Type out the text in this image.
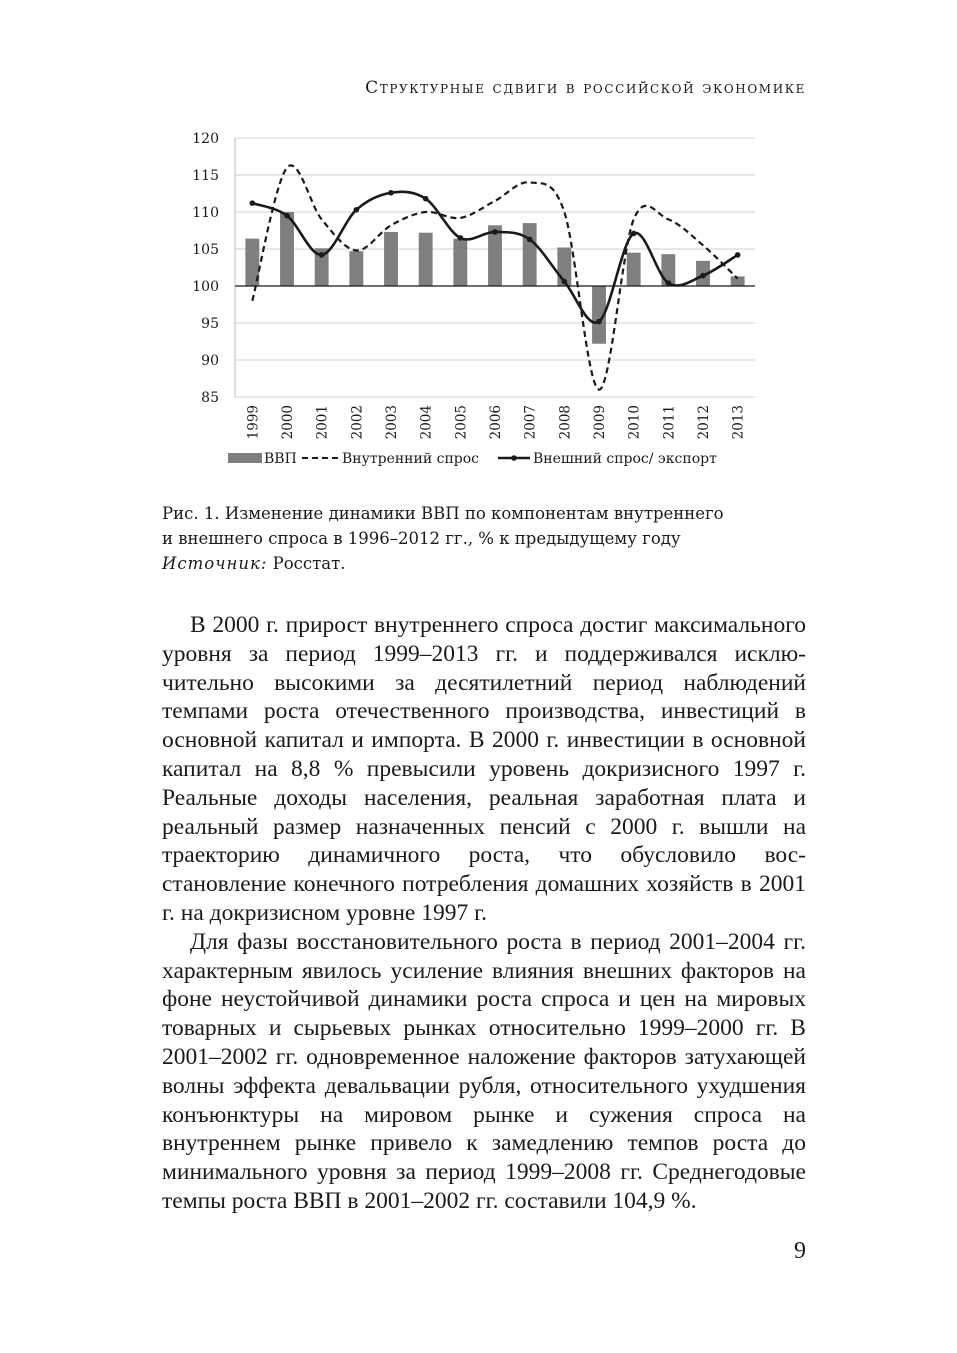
Структурные сдвиги в российской экономике
85
90
95
100
105
110
115
120
1999 2000 2001 2002 2003 2004 2005 2006 2007 2008 2009 2010 2011 2012 2013
ВВП	Внутренний спрос	Внешний спрос/ экспорт
Рис. 1. Изменение динамики ВВП по компонентам внутреннего
и внешнего спроса в 1996–2012 гг., % к предыдущему году
Источник: Росстат.

В 2000 г. прирост внутреннего спроса достиг максимального уровня за период 1999–2013 гг. и поддерживался исключительно высокими за десятилетний период наблюдений темпами роста отечественного производства, инвестиций в основной капитал и импорта. В 2000 г. инвестиции в основной капитал на 8,8 % превысили уровень докризисного 1997 г. Реальные доходы населения, реальная заработная плата и реальный размер назначенных пенсий с 2000 г. вышли на траекторию динамичного роста, что обусловило восстановление конечного потребления домашних хозяйств в 2001 г. на докризисном уровне 1997 г.

Для фазы восстановительного роста в период 2001–2004 гг. характерным явилось усиление влияния внешних факторов на фоне неустойчивой динамики роста спроса и цен на мировых товарных и сырьевых рынках относительно 1999–2000 гг. В 2001–2002 гг. одновременное наложение факторов затухающей волны эффекта девальвации рубля, относительного ухудшения конъюнктуры на мировом рынке и сужения спроса на внутреннем рынке привело к замедлению темпов роста до минимального уровня за период 1999–2008 гг. Среднегодовые темпы роста ВВП в 2001–2002 гг. составили 104,9 %.

9
